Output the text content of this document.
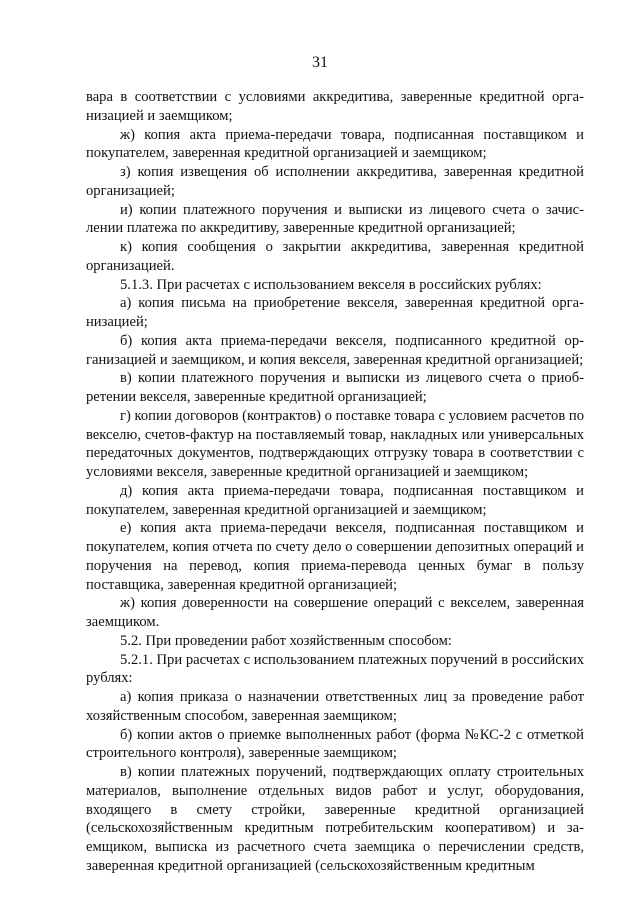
31

вара в соответствии с условиями аккредитива, заверенные кредитной организацией и заемщиком;

ж) копия акта приема-передачи товара, подписанная поставщиком и покупателем, заверенная кредитной организацией и заемщиком;

з) копия извещения об исполнении аккредитива, заверенная кредитной организацией;

и) копии платежного поручения и выписки из лицевого счета о зачислении платежа по аккредитиву, заверенные кредитной организацией;

к) копия сообщения о закрытии аккредитива, заверенная кредитной организацией.

5.1.3. При расчетах с использованием векселя в российских рублях:

а) копия письма на приобретение векселя, заверенная кредитной организацией;

б) копия акта приема-передачи векселя, подписанного кредитной организацией и заемщиком, и копия векселя, заверенная кредитной организацией;

в) копии платежного поручения и выписки из лицевого счета о приобретении векселя, заверенные кредитной организацией;

г) копии договоров (контрактов) о поставке товара с условием расчетов по векселю, счетов-фактур на поставляемый товар, накладных или универсальных передаточных документов, подтверждающих отгрузку товара в соответствии с условиями векселя, заверенные кредитной организацией и заемщиком;

д) копия акта приема-передачи товара, подписанная поставщиком и покупателем, заверенная кредитной организацией и заемщиком;

е) копия акта приема-передачи векселя, подписанная поставщиком и покупателем, копия отчета по счету дело о совершении депозитных операций и поручения на перевод, копия приема-перевода ценных бумаг в пользу поставщика, заверенная кредитной организацией;

ж) копия доверенности на совершение операций с векселем, заверенная заемщиком.

5.2. При проведении работ хозяйственным способом:

5.2.1. При расчетах с использованием платежных поручений в российских рублях:

а) копия приказа о назначении ответственных лиц за проведение работ хозяйственным способом, заверенная заемщиком;

б) копии актов о приемке выполненных работ (форма №КС-2 с отметкой строительного контроля), заверенные заемщиком;

в) копии платежных поручений, подтверждающих оплату строительных материалов, выполнение отдельных видов работ и услуг, оборудования, входящего в смету стройки, заверенные кредитной организацией (сельскохозяйственным кредитным потребительским кооперативом) и заемщиком, выписка из расчетного счета заемщика о перечислении средств, заверенная кредитной организацией (сельскохозяйственным кредитным
